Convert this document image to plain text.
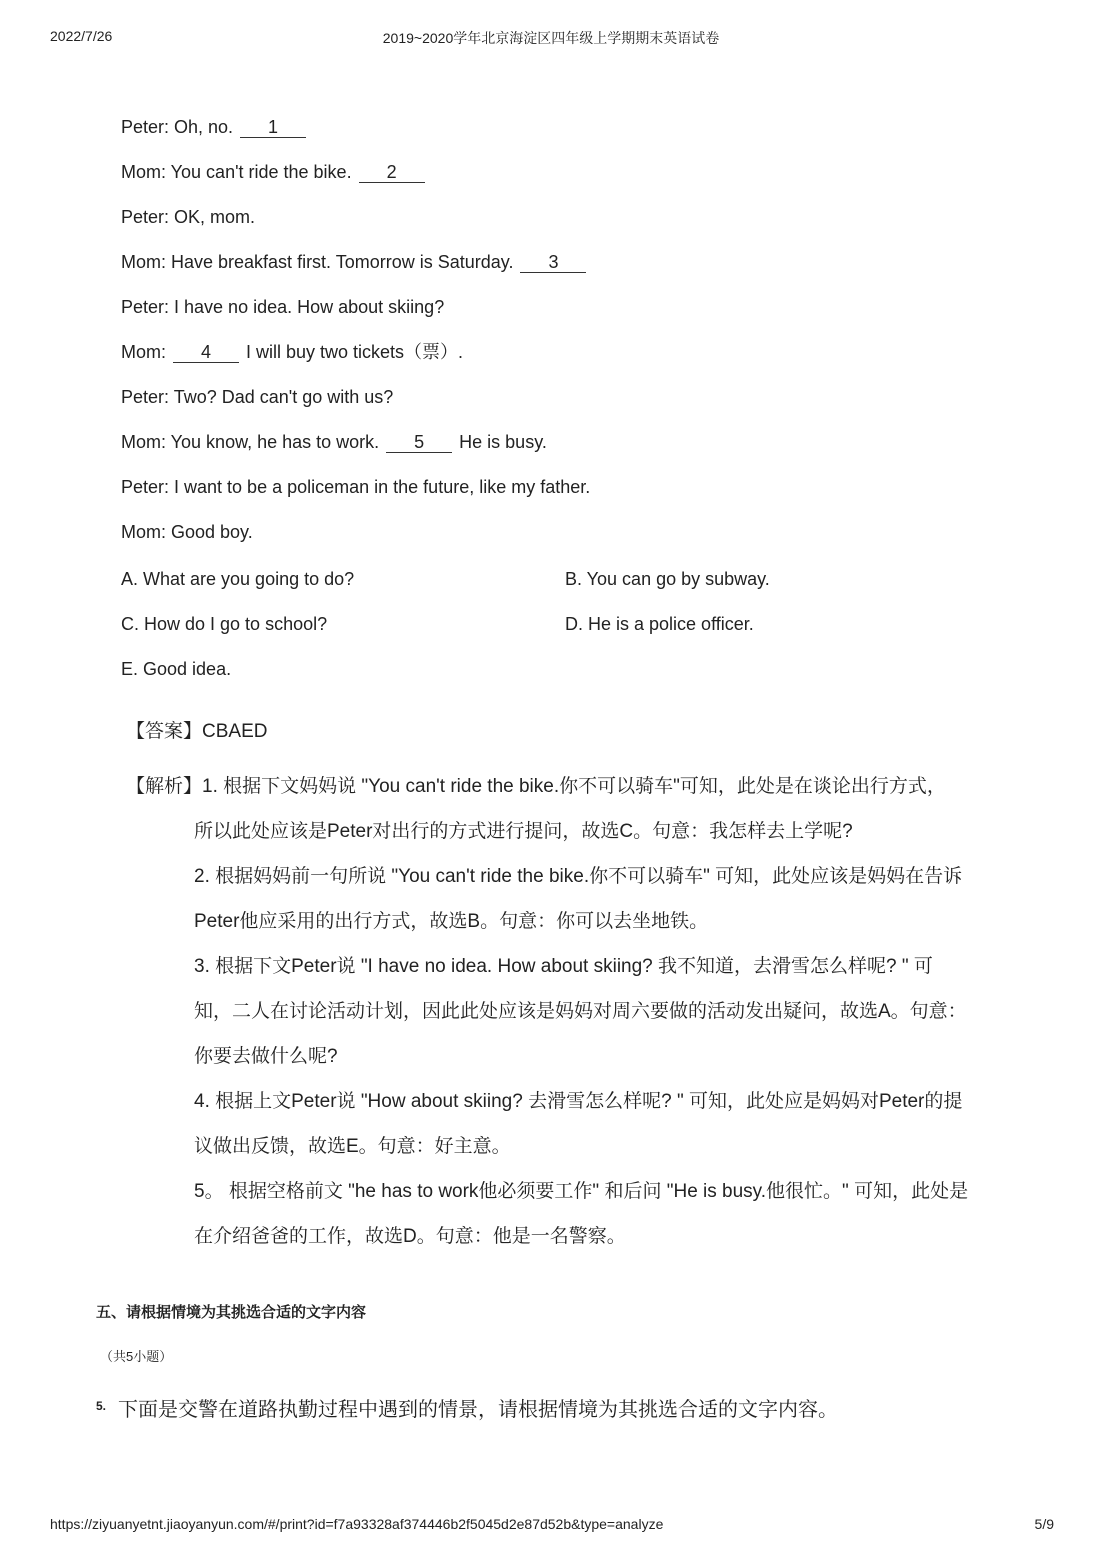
2022/7/26	2019~2020学年北京海淀区四年级上学期期末英语试卷
Peter: Oh, no. 1
Mom: You can't ride the bike. 2
Peter: OK, mom.
Mom: Have breakfast first. Tomorrow is Saturday. 3
Peter: I have no idea. How about skiing?
Mom: 4 I will buy two tickets（票）.
Peter: Two? Dad can't go with us?
Mom: You know, he has to work. 5 He is busy.
Peter: I want to be a policeman in the future, like my father.
Mom: Good boy.
A. What are you going to do?	B. You can go by subway.
C. How do I go to school?	D. He is a police officer.
E. Good idea.
【答案】CBAED
【解析】1. 根据下文妈妈说 "You can't ride the bike.你不可以骑车"可知，此处是在谈论出行方式，
所以此处应该是Peter对出行的方式进行提问，故选C。句意：我怎样去上学呢?
2. 根据妈妈前一句所说 "You can't ride the bike.你不可以骑车" 可知，此处应该是妈妈在告诉
Peter他应采用的出行方式，故选B。句意：你可以去坐地铁。
3. 根据下文Peter说 "I have no idea. How about skiing? 我不知道，去滑雪怎么样呢? " 可
知，二人在讨论活动计划，因此此处应该是妈妈对周六要做的活动发出疑问，故选A。句意：
你要去做什么呢?
4. 根据上文Peter说 "How about skiing? 去滑雪怎么样呢? " 可知，此处应是妈妈对Peter的提
议做出反馈，故选E。句意：好主意。
5。 根据空格前文 "he has to work他必须要工作" 和后问 "He is busy.他很忙。" 可知，此处是
在介绍爸爸的工作，故选D。句意：他是一名警察。
五、请根据情境为其挑选合适的文字内容
（共5小题）
$^{5.}$ 下面是交警在道路执勤过程中遇到的情景，请根据情境为其挑选合适的文字内容。
https://ziyuanyetnt.jiaoyanyun.com/#/print?id=f7a93328af374446b2f5045d2e87d52b&type=analyze	5/9
